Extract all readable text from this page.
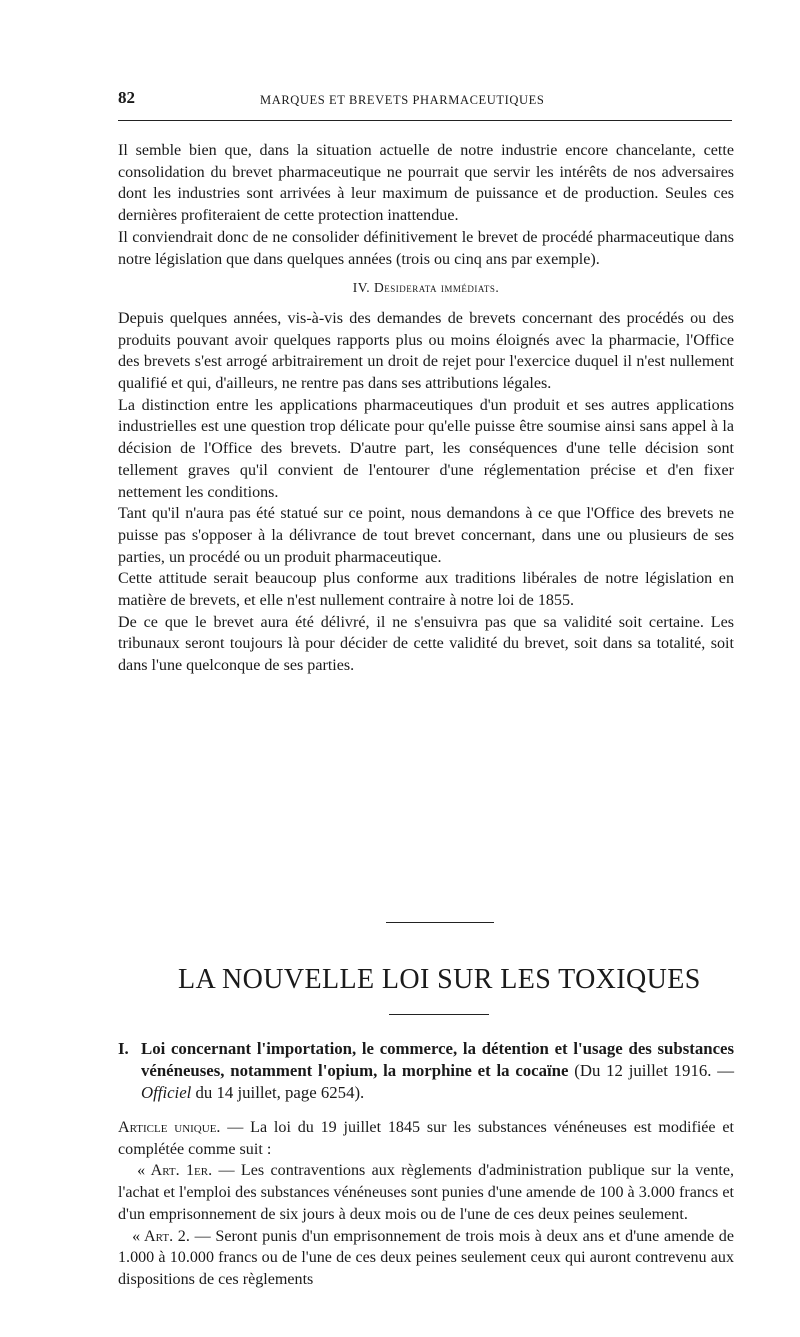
82	MARQUES ET BREVETS PHARMACEUTIQUES

Il semble bien que, dans la situation actuelle de notre industrie encore chancelante, cette consolidation du brevet pharmaceutique ne pourrait que servir les intérêts de nos adversaires dont les industries sont arrivées à leur maximum de puissance et de production. Seules ces dernières profiteraient de cette protection inattendue.

Il conviendrait donc de ne consolider définitivement le brevet de procédé pharmaceutique dans notre législation que dans quelques années (trois ou cinq ans par exemple).

IV. Desiderata immédiats.

Depuis quelques années, vis-à-vis des demandes de brevets concernant des procédés ou des produits pouvant avoir quelques rapports plus ou moins éloignés avec la pharmacie, l'Office des brevets s'est arrogé arbitrairement un droit de rejet pour l'exercice duquel il n'est nullement qualifié et qui, d'ailleurs, ne rentre pas dans ses attributions légales.

La distinction entre les applications pharmaceutiques d'un produit et ses autres applications industrielles est une question trop délicate pour qu'elle puisse être soumise ainsi sans appel à la décision de l'Office des brevets. D'autre part, les conséquences d'une telle décision sont tellement graves qu'il convient de l'entourer d'une réglementation précise et d'en fixer nettement les conditions.

Tant qu'il n'aura pas été statué sur ce point, nous demandons à ce que l'Office des brevets ne puisse pas s'opposer à la délivrance de tout brevet concernant, dans une ou plusieurs de ses parties, un procédé ou un produit pharmaceutique.

Cette attitude serait beaucoup plus conforme aux traditions libérales de notre législation en matière de brevets, et elle n'est nullement contraire à notre loi de 1855.

De ce que le brevet aura été délivré, il ne s'ensuivra pas que sa validité soit certaine. Les tribunaux seront toujours là pour décider de cette validité du brevet, soit dans sa totalité, soit dans l'une quelconque de ses parties.

LA NOUVELLE LOI SUR LES TOXIQUES
I. Loi concernant l'importation, le commerce, la détention et l'usage des substances vénéneuses, notamment l'opium, la morphine et la cocaïne (Du 12 juillet 1916. — Officiel du 14 juillet, page 6254).

Article unique. — La loi du 19 juillet 1845 sur les substances vénéneuses est modifiée et complétée comme suit :

« Art. 1er. — Les contraventions aux règlements d'administration publique sur la vente, l'achat et l'emploi des substances vénéneuses sont punies d'une amende de 100 à 3.000 francs et d'un emprisonnement de six jours à deux mois ou de l'une de ces deux peines seulement.

« Art. 2. — Seront punis d'un emprisonnement de trois mois à deux ans et d'une amende de 1.000 à 10.000 francs ou de l'une de ces deux peines seulement ceux qui auront contrevenu aux dispositions de ces règlements
